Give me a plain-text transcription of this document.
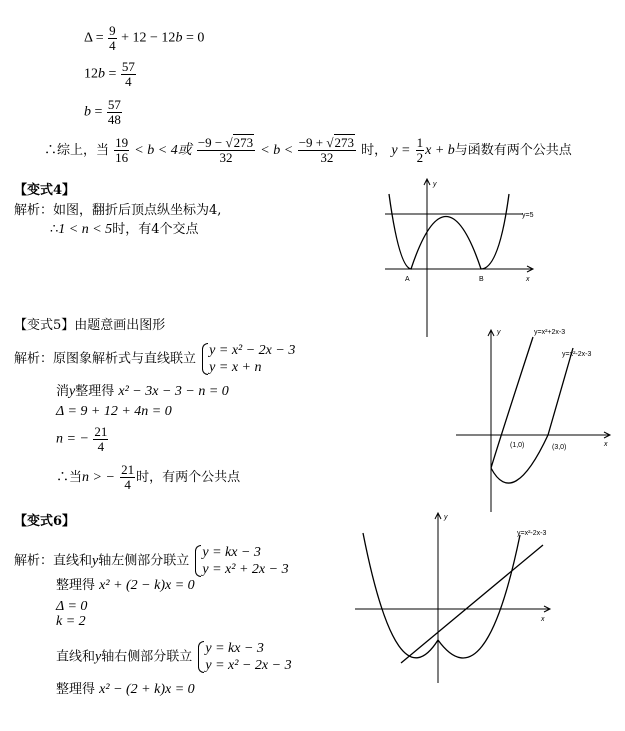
$\Delta = \frac{9}{4} + 12 - 12b = 0$
$12b = \frac{57}{4}$
$b = \frac{57}{48}$
∴综上，当 $\frac{19}{16} < b < 4$或 $\frac{-9 - √273}{32} < b < \frac{-9 + √273}{32}$ 时， $y = \frac{1}{2}$ x + b与函数有两个公共点
【变式4】
解析：如图，翻折后顶点纵坐标为4,
∴1 < n < 5时，有4个交点
y=5
A	B	x
y
【变式5】由题意画出图形
解析：原图象解析式与直线联立
y = x² − 2x − 3
y = x + n
消y整理得 x² − 3x − 3 − n = 0
Δ = 9 + 12 + 4n = 0
n = − $\frac{21}{4}$
∴当n > − $\frac{21}{4}$ 时，有两个公共点
y=x²+2x-3
y=x²-2x-3
(1,0)	(3,0)	x
y
【变式6】
解析：直线和y轴左侧部分联立
y = kx − 3
y = x² + 2x − 3
整理得 x² + (2 − k)x = 0
Δ = 0
k = 2
直线和y轴右侧部分联立
y = kx − 3
y = x² − 2x − 3
整理得 x² − (2 + k)x = 0
y=x²-2x-3
x
y
